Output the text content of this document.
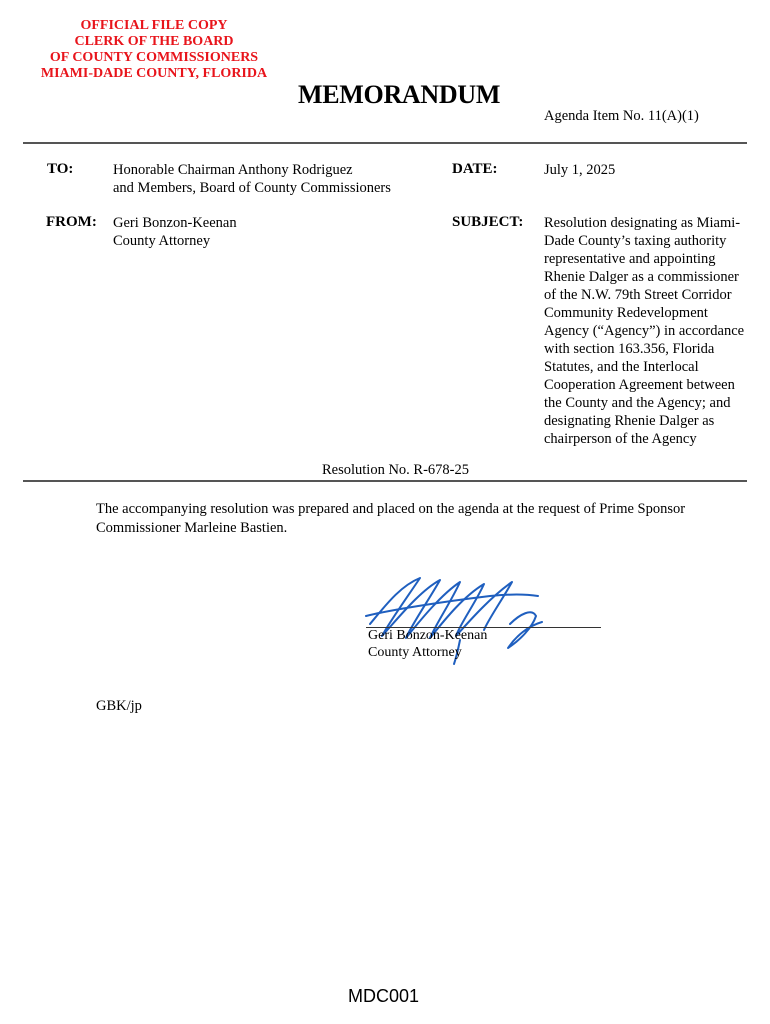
OFFICIAL FILE COPY
CLERK OF THE BOARD
OF COUNTY COMMISSIONERS
MIAMI-DADE COUNTY, FLORIDA
MEMORANDUM
Agenda Item No. 11(A)(1)
TO:	Honorable Chairman Anthony Rodriguez
and Members, Board of County Commissioners
DATE:	July 1, 2025
FROM: Geri Bonzon-Keenan
County Attorney
SUBJECT: Resolution designating as Miami-Dade County’s taxing authority representative and appointing Rhenie Dalger as a commissioner of the N.W. 79th Street Corridor Community Redevelopment Agency (“Agency”) in accordance with section 163.356, Florida Statutes, and the Interlocal Cooperation Agreement between the County and the Agency; and designating Rhenie Dalger as chairperson of the Agency
Resolution No. R-678-25
The accompanying resolution was prepared and placed on the agenda at the request of Prime Sponsor Commissioner Marleine Bastien.
Geri Bonzon-Keenan
County Attorney
GBK/jp
MDC001
